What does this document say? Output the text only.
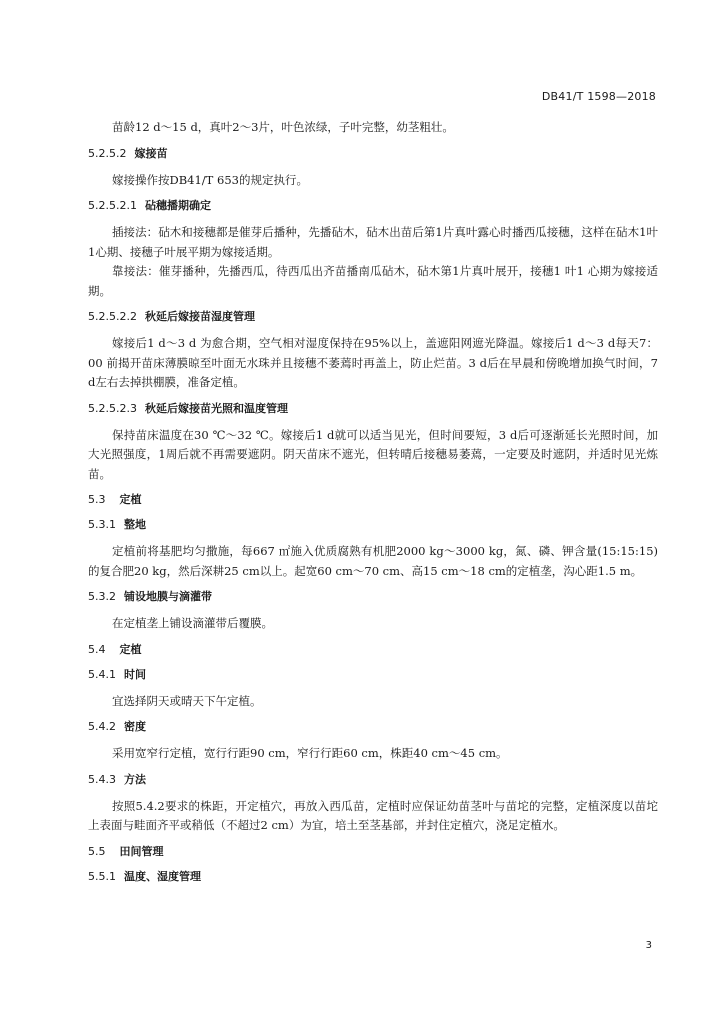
DB41/T 1598—2018

苗龄12 d～15 d，真叶2～3片，叶色浓绿，子叶完整，幼茎粗壮。

5.2.5.2 嫁接苗

嫁接操作按DB41/T 653的规定执行。

5.2.5.2.1 砧穗播期确定

插接法：砧木和接穗都是催芽后播种，先播砧木，砧木出苗后第1片真叶露心时播西瓜接穗，这样在砧木1叶1心期、接穗子叶展平期为嫁接适期。

靠接法：催芽播种，先播西瓜，待西瓜出齐苗播南瓜砧木，砧木第1片真叶展开，接穗1 叶1 心期为嫁接适期。

5.2.5.2.2 秋延后嫁接苗湿度管理

嫁接后1 d～3 d 为愈合期，空气相对湿度保持在95%以上，盖遮阳网遮光降温。嫁接后1 d～3 d每天7：00 前揭开苗床薄膜晾至叶面无水珠并且接穗不萎蔫时再盖上，防止烂苗。3 d后在早晨和傍晚增加换气时间，7 d左右去掉拱棚膜，准备定植。

5.2.5.2.3 秋延后嫁接苗光照和温度管理

保持苗床温度在30 ℃～32 ℃。嫁接后1 d就可以适当见光，但时间要短，3 d后可逐渐延长光照时间，加大光照强度，1周后就不再需要遮阴。阴天苗床不遮光，但转晴后接穗易萎蔫，一定要及时遮阴，并适时见光炼苗。

5.3 定植
5.3.1 整地

定植前将基肥均匀撒施，每667 ㎡施入优质腐熟有机肥2000 kg～3000 kg，氮、磷、钾含量(15:15:15)的复合肥20 kg，然后深耕25 cm以上。起宽60 cm～70 cm、高15 cm～18 cm的定植垄，沟心距1.5 m。

5.3.2 铺设地膜与滴灌带

在定植垄上铺设滴灌带后覆膜。

5.4 定植
5.4.1 时间

宜选择阴天或晴天下午定植。

5.4.2 密度

采用宽窄行定植，宽行行距90 cm，窄行行距60 cm，株距40 cm～45 cm。

5.4.3 方法

按照5.4.2要求的株距，开定植穴，再放入西瓜苗，定植时应保证幼苗茎叶与苗坨的完整，定植深度以苗坨上表面与畦面齐平或稍低（不超过2 cm）为宜，培土至茎基部，并封住定植穴，浇足定植水。

5.5 田间管理
5.5.1 温度、湿度管理
3
